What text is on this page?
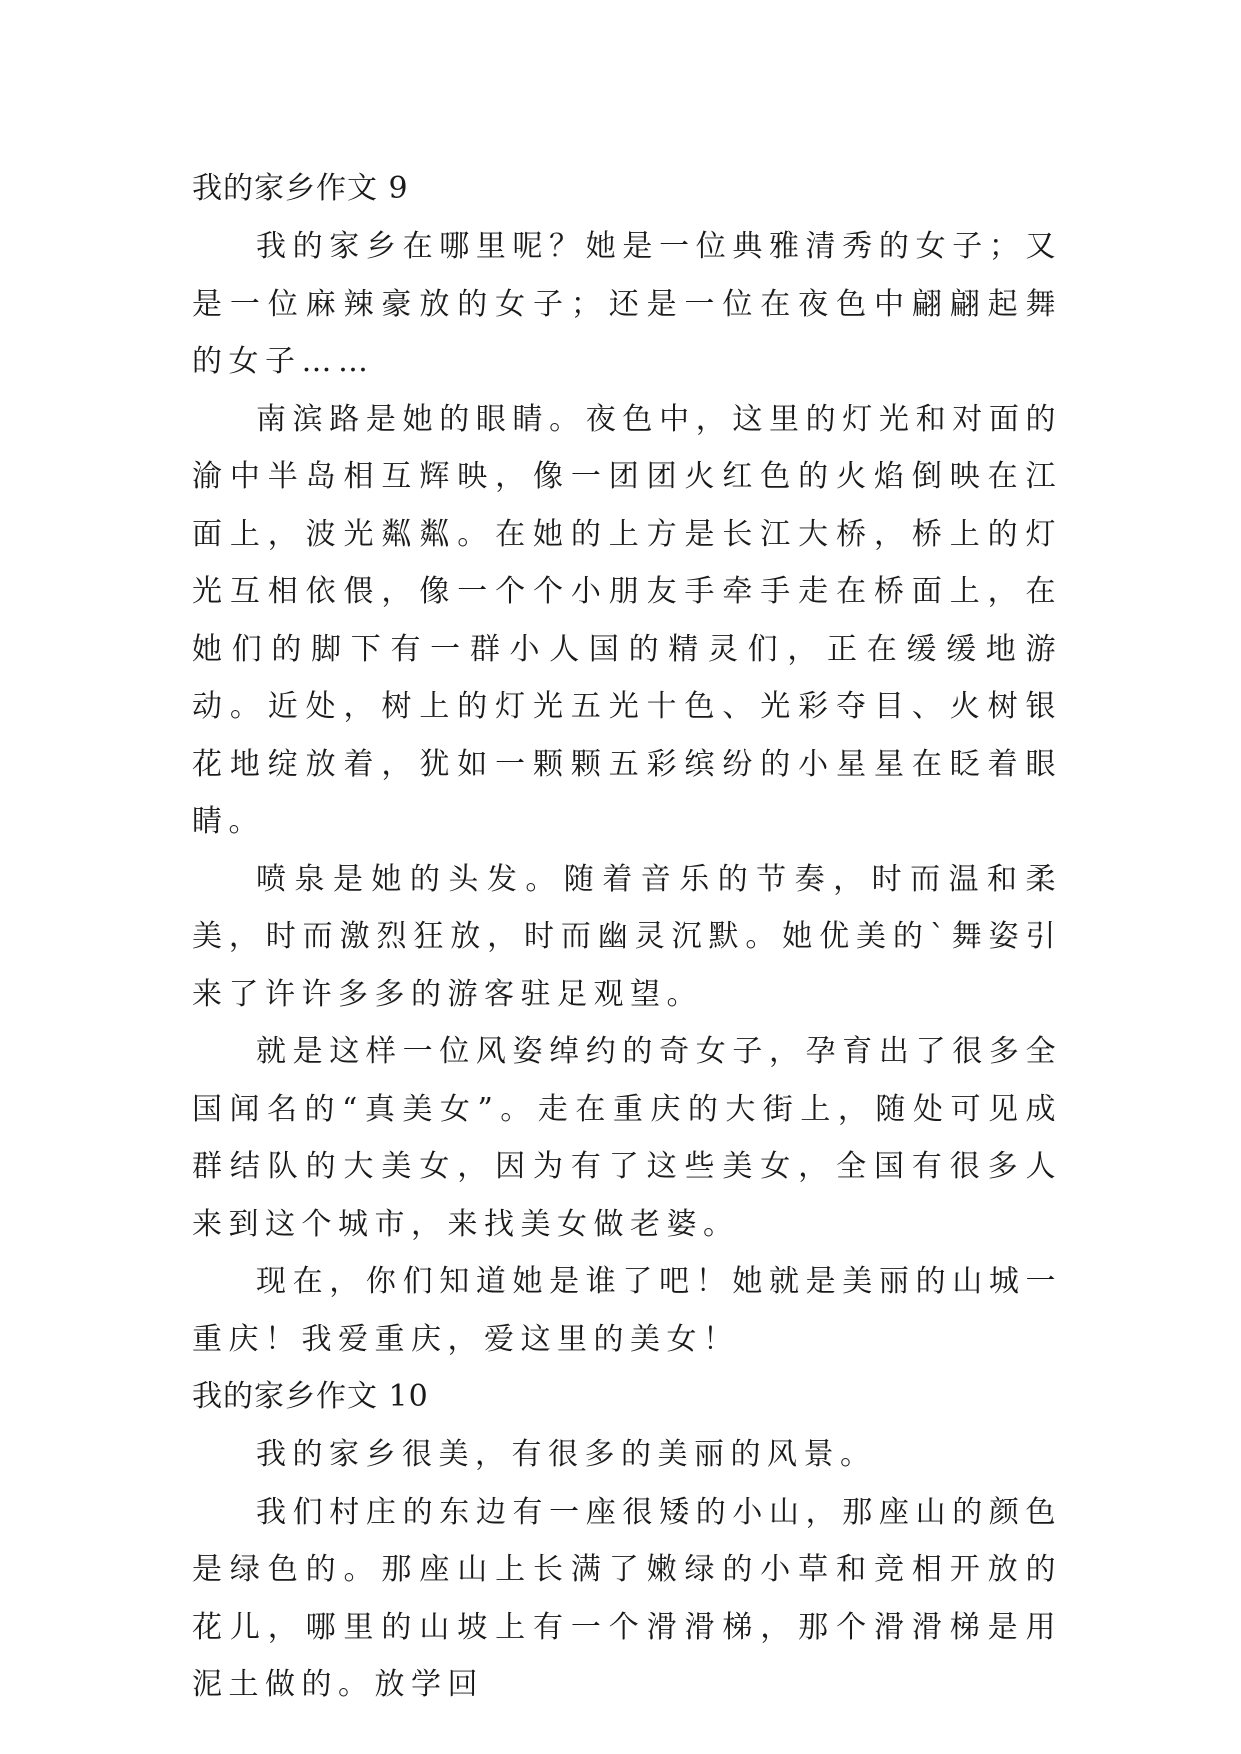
我的家乡作文 9

我的家乡在哪里呢？她是一位典雅清秀的女子；又是一位麻辣豪放的女子；还是一位在夜色中翩翩起舞的女子……

南滨路是她的眼睛。夜色中，这里的灯光和对面的渝中半岛相互辉映，像一团团火红色的火焰倒映在江面上，波光粼粼。在她的上方是长江大桥，桥上的灯光互相依偎，像一个个小朋友手牵手走在桥面上，在她们的脚下有一群小人国的精灵们，正在缓缓地游动。近处，树上的灯光五光十色、光彩夺目、火树银花地绽放着，犹如一颗颗五彩缤纷的小星星在眨着眼睛。

喷泉是她的头发。随着音乐的节奏，时而温和柔美，时而激烈狂放，时而幽灵沉默。她优美的`舞姿引来了许许多多的游客驻足观望。

就是这样一位风姿绰约的奇女子，孕育出了很多全国闻名的“真美女”。走在重庆的大街上，随处可见成群结队的大美女，因为有了这些美女，全国有很多人来到这个城市，来找美女做老婆。

现在，你们知道她是谁了吧！她就是美丽的山城一重庆！我爱重庆，爱这里的美女！

我的家乡作文 10

我的家乡很美，有很多的美丽的风景。

我们村庄的东边有一座很矮的小山，那座山的颜色是绿色的。那座山上长满了嫩绿的小草和竞相开放的花儿，哪里的山坡上有一个滑滑梯，那个滑滑梯是用泥土做的。放学回
